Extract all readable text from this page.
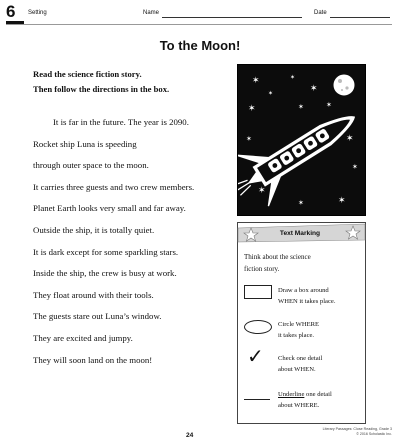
6 Setting	Name	Date
To the Moon!
Read the science fiction story.
Then follow the directions in the box.
It is far in the future. The year is 2090.
Rocket ship Luna is speeding
through outer space to the moon.
It carries three guests and two crew members.
Planet Earth looks very small and far away.
Outside the ship, it is totally quiet.
It is dark except for some sparkling stars.
Inside the ship, the crew is busy at work.
They float around with their tools.
The guests stare out Luna’s window.
They are excited and jumpy.
They will soon land on the moon!
✶
✶
✶
✶
✶
✶	✶
✶	✶
✶
✶
✶	✶
Text Marking
Think about the science
fiction story.
Draw a box around
WHEN it takes place.
Circle WHERE
it takes place.
✓ Check one detail
about WHEN.
Underline one detail
about WHERE.
24
Literary Passages: Close Reading, Grade 3
© 2016 Scholastic Inc.
